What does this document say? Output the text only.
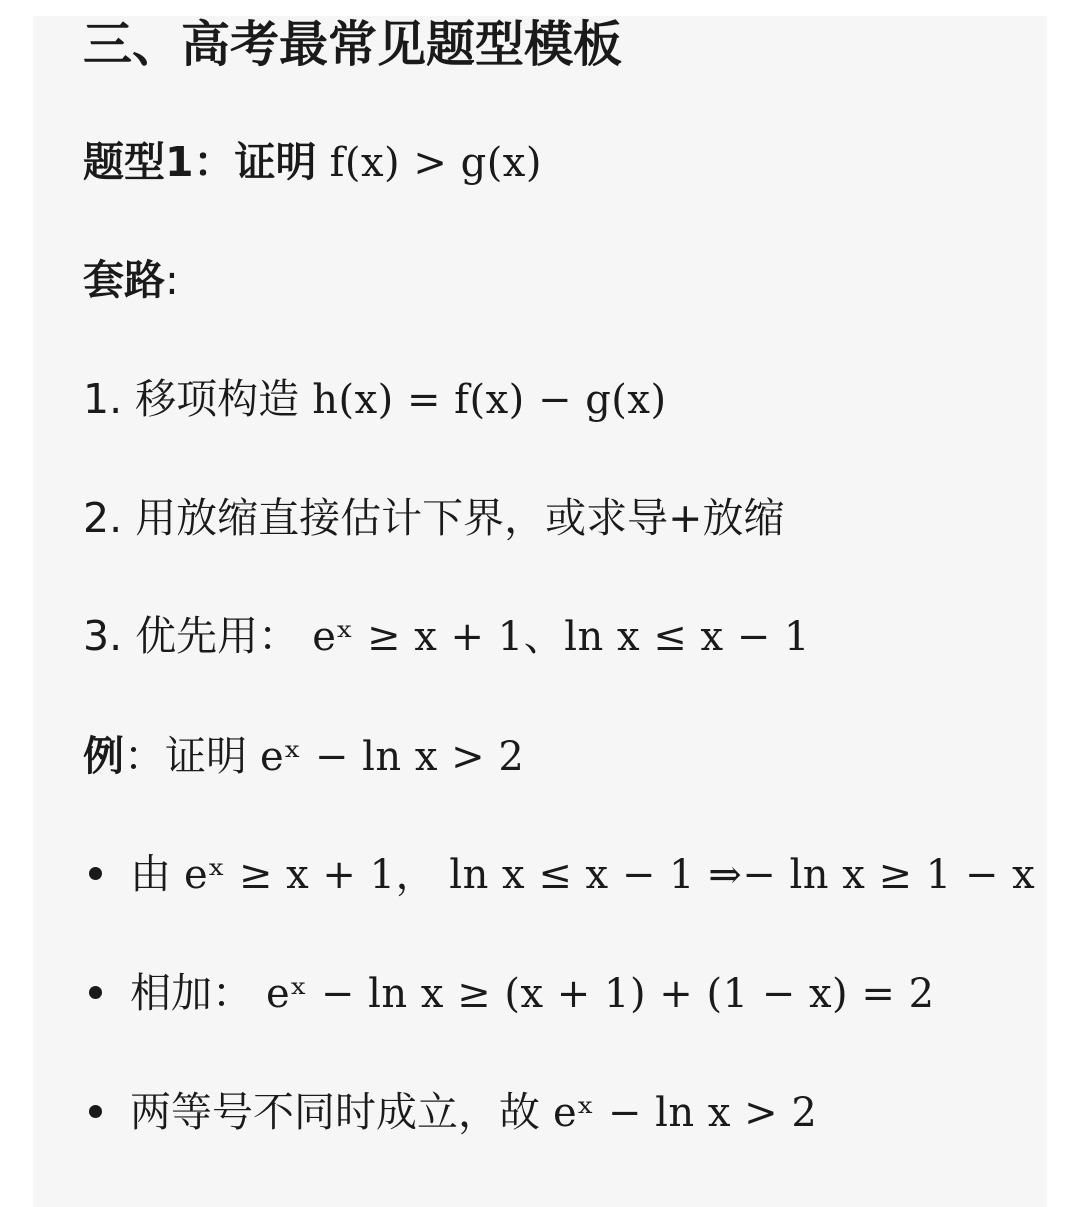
三、高考最常见题型模板
题型1：证明 f(x) > g(x)
套路:
1. 移项构造 h(x) = f(x) − g(x)
2. 用放缩直接估计下界，或求导+放缩
3. 优先用： eˣ ≥ x + 1、ln x ≤ x − 1
例：证明 eˣ − ln x > 2
由 eˣ ≥ x + 1， ln x ≤ x − 1 ⇒− ln x ≥ 1 − x
相加： eˣ − ln x ≥ (x + 1) + (1 − x) = 2
两等号不同时成立，故 eˣ − ln x > 2
